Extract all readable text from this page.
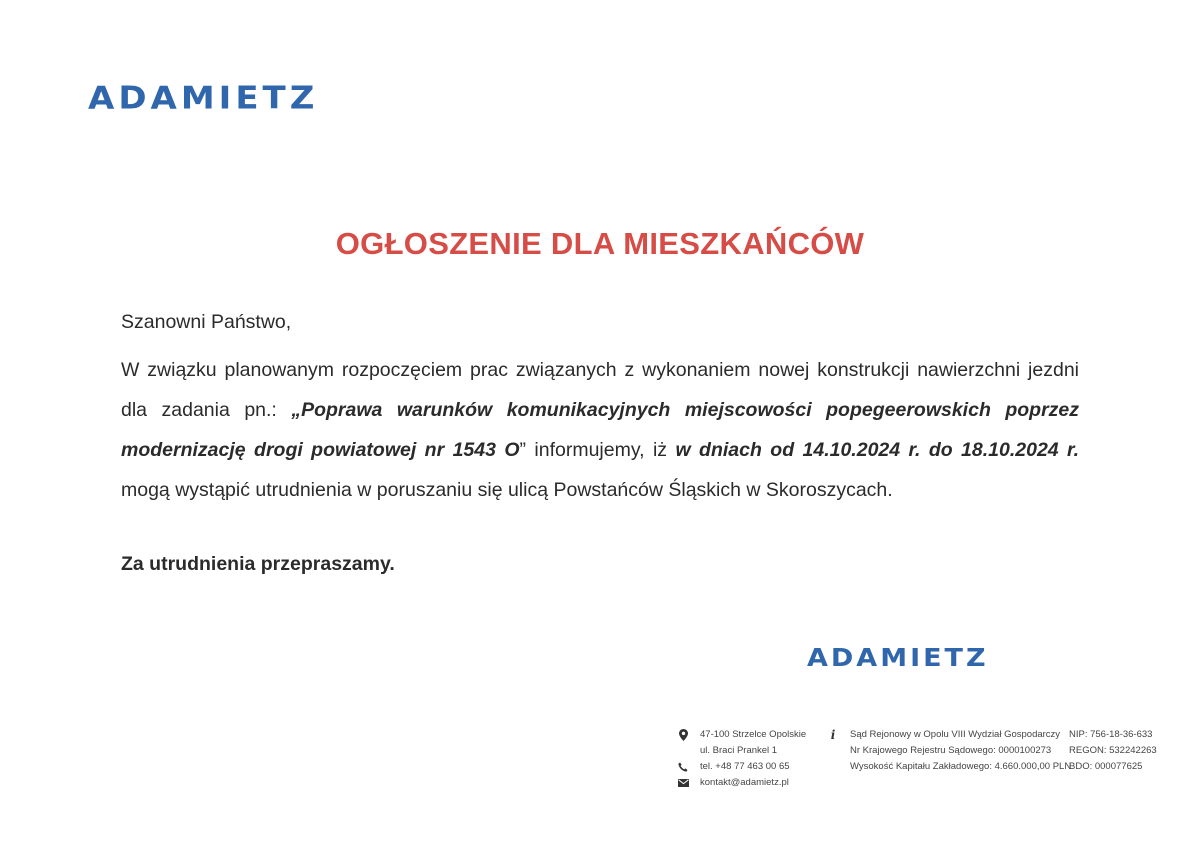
ADAMIETZ
OGŁOSZENIE DLA MIESZKAŃCÓW
Szanowni Państwo,
W związku planowanym rozpoczęciem prac związanych z wykonaniem nowej konstrukcji nawierzchni jezdni dla zadania pn.: „Poprawa warunków komunikacyjnych miejscowości popegeerowskich poprzez modernizację drogi powiatowej nr 1543 O” informujemy, iż w dniach od 14.10.2024 r. do 18.10.2024 r. mogą wystąpić utrudnienia w poruszaniu się ulicą Powstańców Śląskich w Skoroszycach.
Za utrudnienia przepraszamy.
ADAMIETZ
47-100 Strzelce Opolskie
ul. Braci Prankel 1
tel. +48 77 463 00 65
kontakt@adamietz.pl
i	Sąd Rejonowy w Opolu VIII Wydział Gospodarczy
Nr Krajowego Rejestru Sądowego: 0000100273
Wysokość Kapitału Zakładowego: 4.660.000,00 PLN
NIP: 756-18-36-633
REGON: 532242263
BDO: 000077625
